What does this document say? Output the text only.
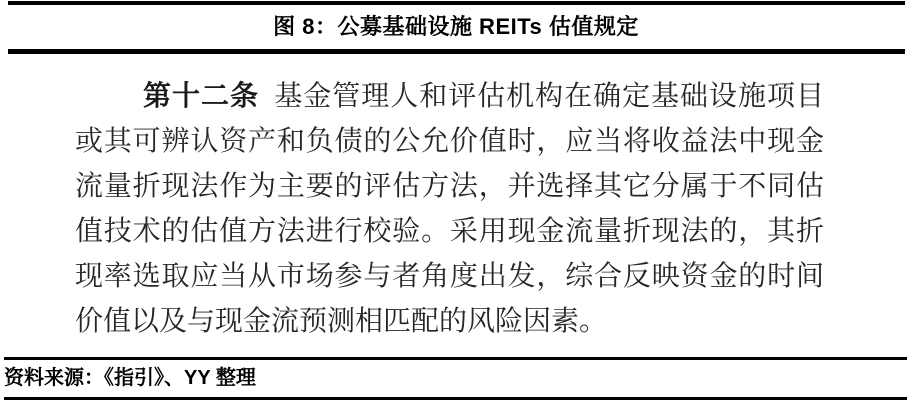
图 8：公募基础设施 REITs 估值规定
第十二条 基金管理人和评估机构在确定基础设施项目
或其可辨认资产和负债的公允价值时，应当将收益法中现金
流量折现法作为主要的评估方法，并选择其它分属于不同估
值技术的估值方法进行校验。采用现金流量折现法的，其折
现率选取应当从市场参与者角度出发，综合反映资金的时间
价值以及与现金流预测相匹配的风险因素。
资料来源：《指引》、YY 整理
